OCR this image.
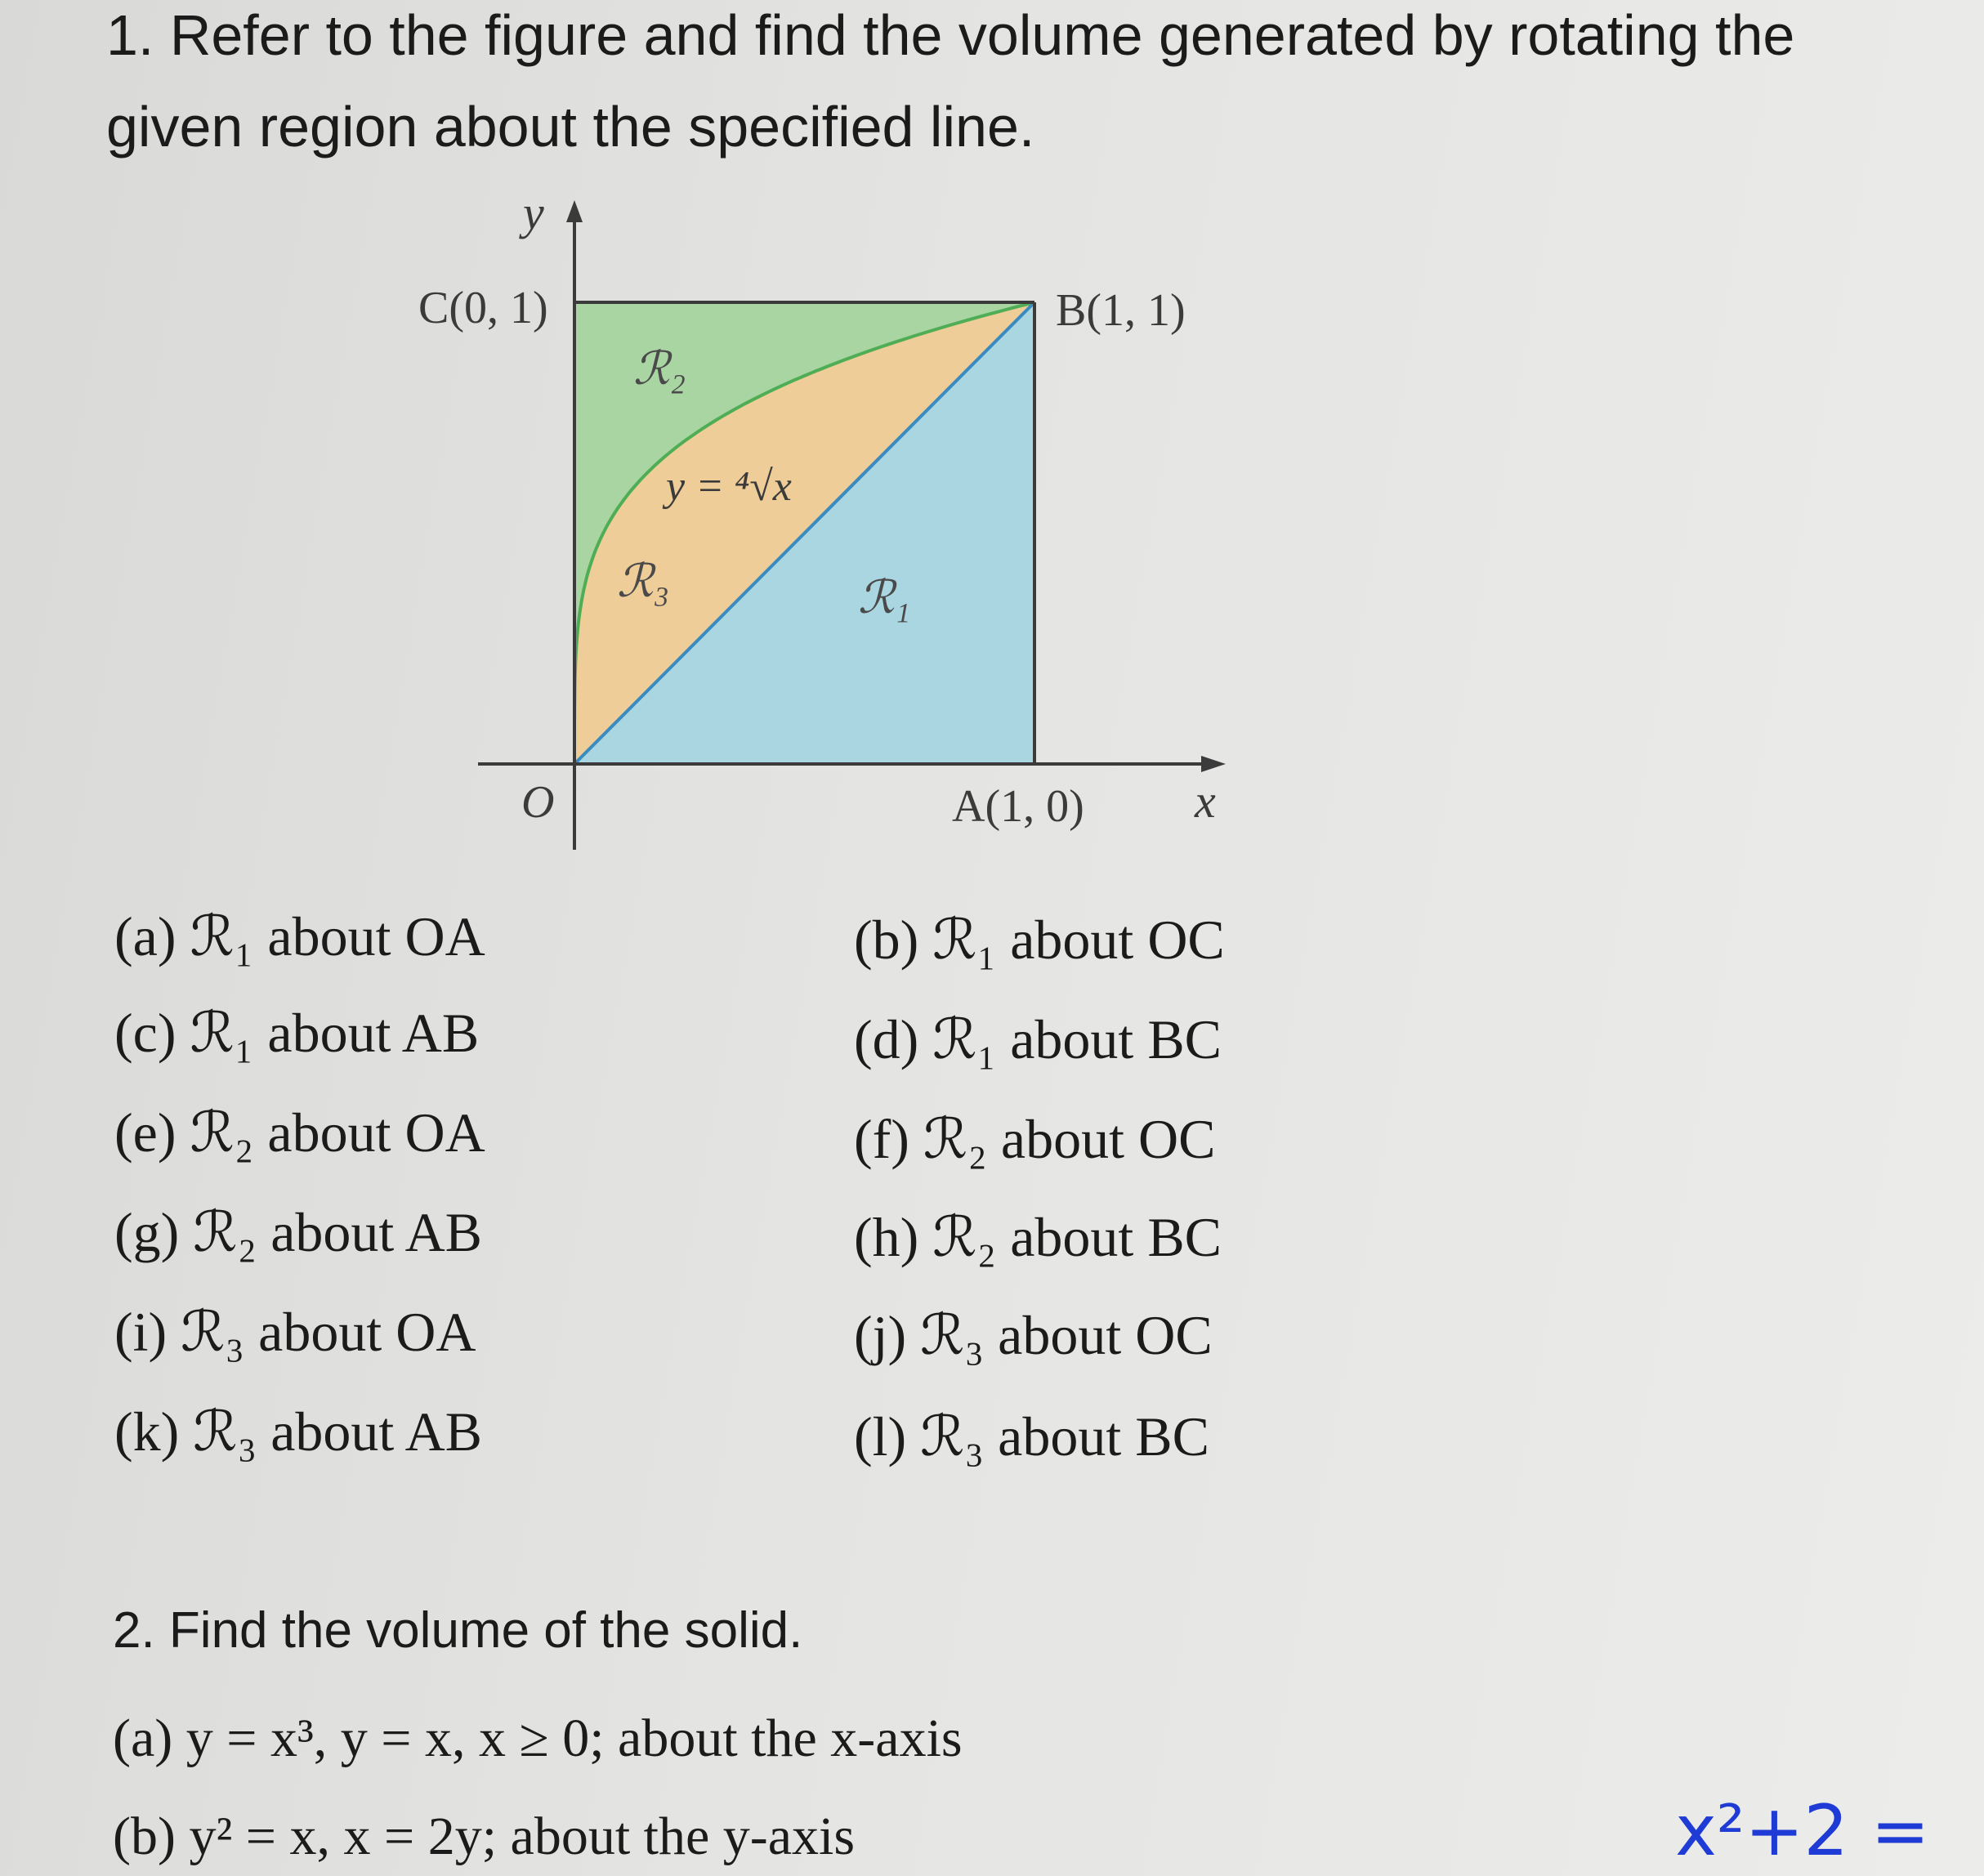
1. Refer to the figure and find the volume generated by rotating the
given region about the specified line.
y
x
O
C(0, 1)	B(1, 1)
A(1, 0)
ℛ₂
ℛ₃	ℛ₁
y = ⁴√x
(a) ℛ₁ about OA	(b) ℛ₁ about OC
(c) ℛ₁ about AB	(d) ℛ₁ about BC
(e) ℛ₂ about OA	(f) ℛ₂ about OC
(g) ℛ₂ about AB	(h) ℛ₂ about BC
(i) ℛ₃ about OA	(j) ℛ₃ about OC
(k) ℛ₃ about AB	(l) ℛ₃ about BC
2. Find the volume of the solid.
(a) y = x³, y = x, x ≥ 0; about the x-axis
(b) y² = x, x = 2y; about the y-axis	x²+2 =
